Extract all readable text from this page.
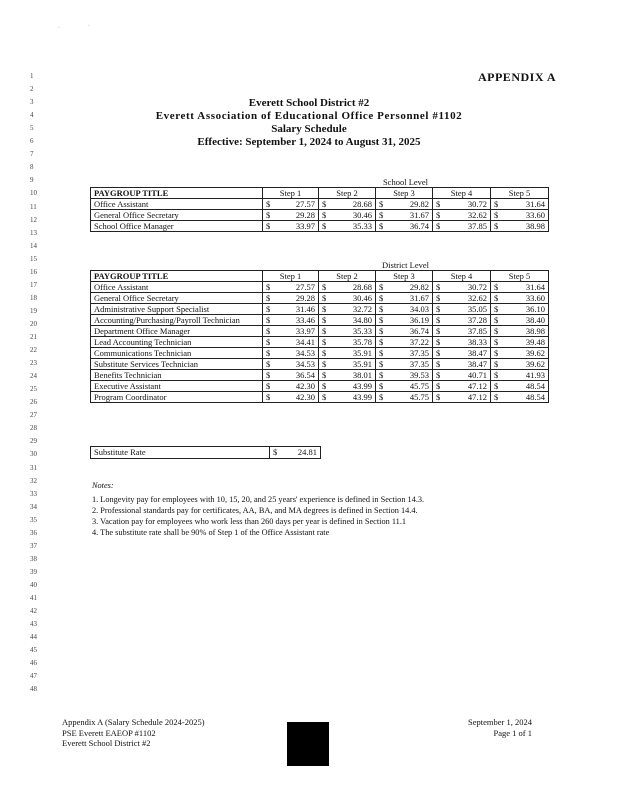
·	·
1
2
3
4
5
6
7
8
9
10
11
12
13
14
15
16
17
18
19
20
21
22
23
24
25
26
27
28
29
30
31
32
33
34
35
36
37
38
39
40
41
42
43
44
45
46
47
48
APPENDIX A
Everett School District #2
Everett Association of Educational Office Personnel #1102
Salary Schedule
Effective: September 1, 2024 to August 31, 2025
	School Level				
PAYGROUP TITLE	Step 1	Step 2	Step 3	Step 4	Step 5
Office Assistant	$ 27.57	$ 28.68	$ 29.82	$ 30.72	$ 31.64

General Office Secretary	$ 29.28	$ 30.46	$ 31.67	$ 32.62	$ 33.60

School Office Manager	$ 33.97	$ 35.33	$ 36.74	$ 37.85	$ 38.98
	District Level				
PAYGROUP TITLE	Step 1	Step 2	Step 3	Step 4	Step 5
Office Assistant	$ 27.57	$ 28.68	$ 29.82	$ 30.72	$ 31.64

General Office Secretary	$ 29.28	$ 30.46	$ 31.67	$ 32.62	$ 33.60

Administrative Support Specialist	$ 31.46	$ 32.72	$ 34.03	$ 35.05	$ 36.10

Accounting/Purchasing/Payroll Technician	$ 33.46	$ 34.80	$ 36.19	$ 37.28	$ 38.40

Department Office Manager	$ 33.97	$ 35.33	$ 36.74	$ 37.85	$ 38.98

Lead Accounting Technician	$ 34.41	$ 35.78	$ 37.22	$ 38.33	$ 39.48

Communications Technician	$ 34.53	$ 35.91	$ 37.35	$ 38.47	$ 39.62

Substitute Services Technician	$ 34.53	$ 35.91	$ 37.35	$ 38.47	$ 39.62

Benefits Technician	$ 36.54	$ 38.01	$ 39.53	$ 40.71	$ 41.93

Executive Assistant	$ 42.30	$ 43.99	$ 45.75	$ 47.12	$ 48.54

Program Coordinator	$ 42.30	$ 43.99	$ 45.75	$ 47.12	$ 48.54
Substitute Rate	$ 24.81
Notes:
1. Longevity pay for employees with 10, 15, 20, and 25 years' experience is defined in Section 14.3.
2. Professional standards pay for certificates, AA, BA, and MA degrees is defined in Section 14.4.
3. Vacation pay for employees who work less than 260 days per year is defined in Section 11.1
4. The substitute rate shall be 90% of Step 1 of the Office Assistant rate
Appendix A (Salary Schedule 2024-2025)
PSE Everett EAEOP #1102
Everett School District #2
September 1, 2024
Page 1 of 1
